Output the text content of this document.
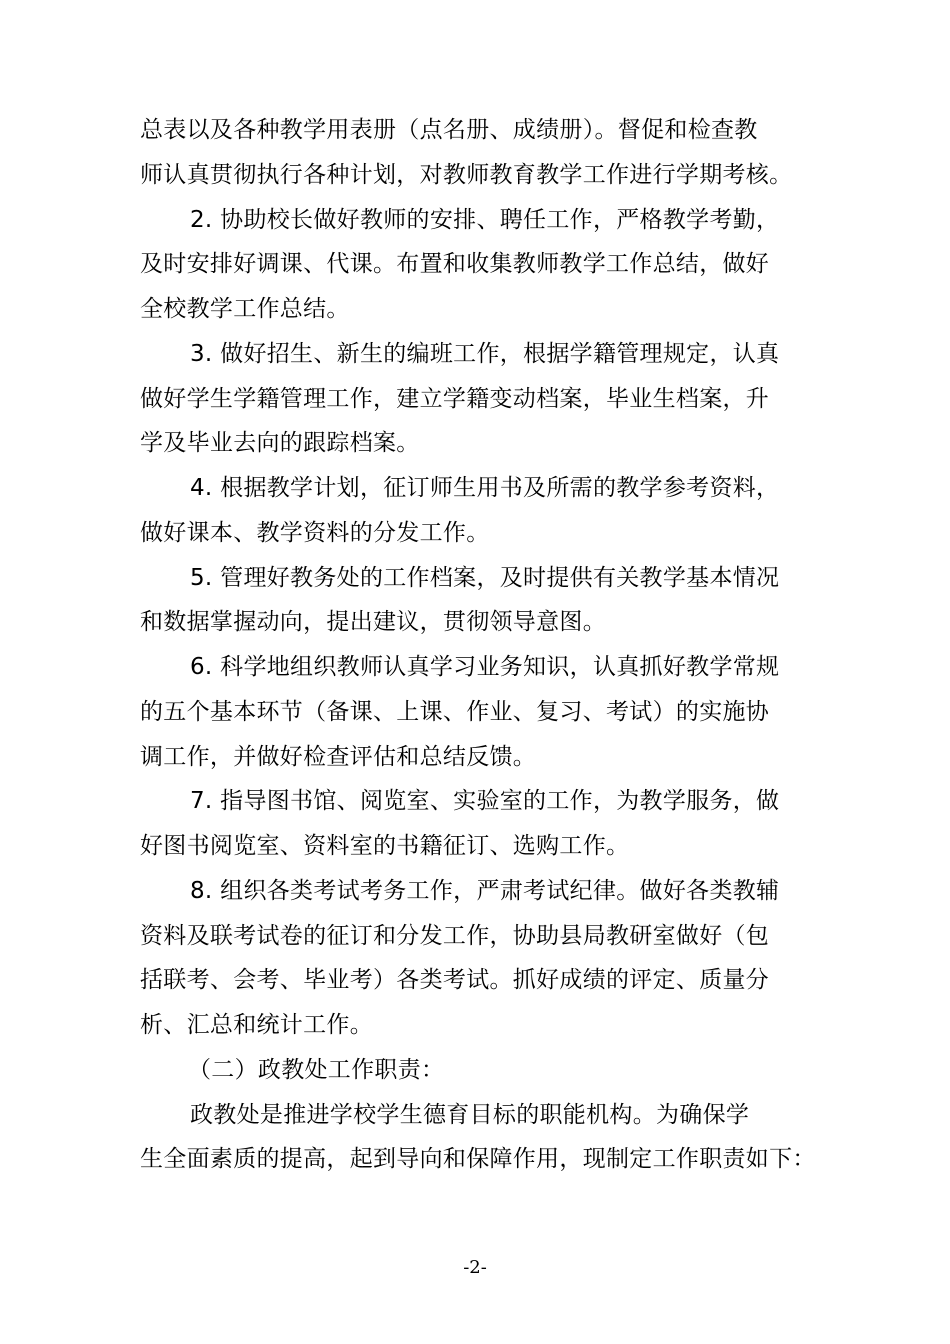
总表以及各种教学用表册（点名册、成绩册）。督促和检查教
师认真贯彻执行各种计划，对教师教育教学工作进行学期考核。
2. 协助校长做好教师的安排、聘任工作，严格教学考勤，
及时安排好调课、代课。布置和收集教师教学工作总结，做好
全校教学工作总结。
3. 做好招生、新生的编班工作，根据学籍管理规定，认真
做好学生学籍管理工作，建立学籍变动档案，毕业生档案，升
学及毕业去向的跟踪档案。
4. 根据教学计划，征订师生用书及所需的教学参考资料，
做好课本、教学资料的分发工作。
5. 管理好教务处的工作档案，及时提供有关教学基本情况
和数据掌握动向，提出建议，贯彻领导意图。
6. 科学地组织教师认真学习业务知识，认真抓好教学常规
的五个基本环节（备课、上课、作业、复习、考试）的实施协
调工作，并做好检查评估和总结反馈。
7. 指导图书馆、阅览室、实验室的工作，为教学服务，做
好图书阅览室、资料室的书籍征订、选购工作。
8. 组织各类考试考务工作，严肃考试纪律。做好各类教辅
资料及联考试卷的征订和分发工作，协助县局教研室做好（包
括联考、会考、毕业考）各类考试。抓好成绩的评定、质量分
析、汇总和统计工作。
（二）政教处工作职责：
政教处是推进学校学生德育目标的职能机构。为确保学
生全面素质的提高，起到导向和保障作用，现制定工作职责如下：
-2-
